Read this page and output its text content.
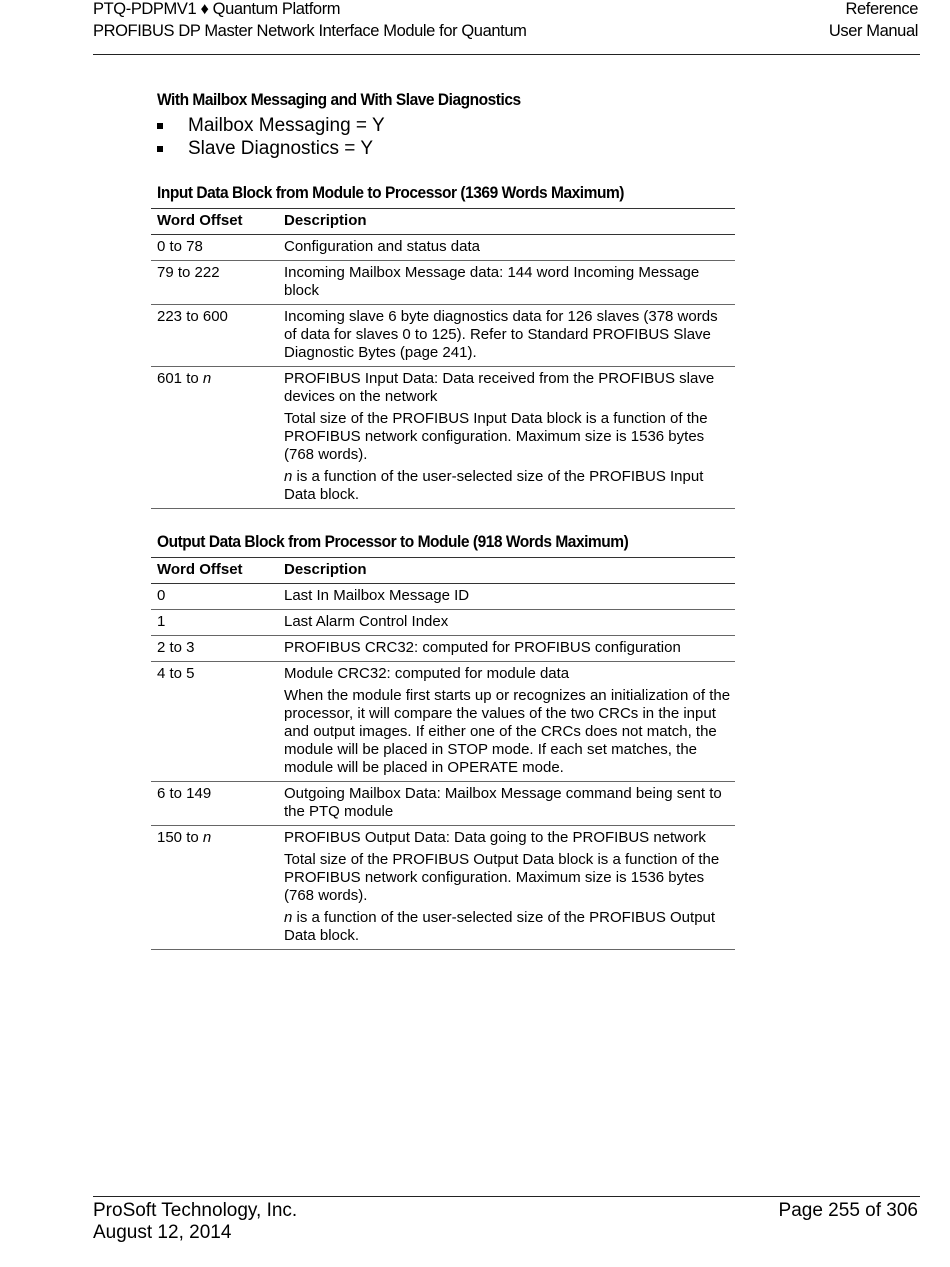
PTQ-PDPMV1 ♦ Quantum Platform
PROFIBUS DP Master Network Interface Module for Quantum
Reference
User Manual
With Mailbox Messaging and With Slave Diagnostics
Mailbox Messaging = Y
Slave Diagnostics = Y
Input Data Block from Module to Processor (1369 Words Maximum)
Word Offset	Description
0 to 78	Configuration and status data
79 to 222	Incoming Mailbox Message data: 144 word Incoming Message block
223 to 600	Incoming slave 6 byte diagnostics data for 126 slaves (378 words of data for slaves 0 to 125). Refer to Standard PROFIBUS Slave Diagnostic Bytes (page 241).
601 to n	PROFIBUS Input Data: Data received from the PROFIBUS slave devices on the network
Total size of the PROFIBUS Input Data block is a function of the PROFIBUS network configuration. Maximum size is 1536 bytes (768 words).
n is a function of the user-selected size of the PROFIBUS Input Data block.
Output Data Block from Processor to Module (918 Words Maximum)
Word Offset	Description
0	Last In Mailbox Message ID
1	Last Alarm Control Index
2 to 3	PROFIBUS CRC32: computed for PROFIBUS configuration
4 to 5	Module CRC32: computed for module data
When the module first starts up or recognizes an initialization of the processor, it will compare the values of the two CRCs in the input and output images. If either one of the CRCs does not match, the module will be placed in STOP mode. If each set matches, the module will be placed in OPERATE mode.

6 to 149	Outgoing Mailbox Data: Mailbox Message command being sent to the PTQ module
150 to n	PROFIBUS Output Data: Data going to the PROFIBUS network
Total size of the PROFIBUS Output Data block is a function of the PROFIBUS network configuration. Maximum size is 1536 bytes (768 words).
n is a function of the user-selected size of the PROFIBUS Output Data block.
ProSoft Technology, Inc.
August 12, 2014
Page 255 of 306
